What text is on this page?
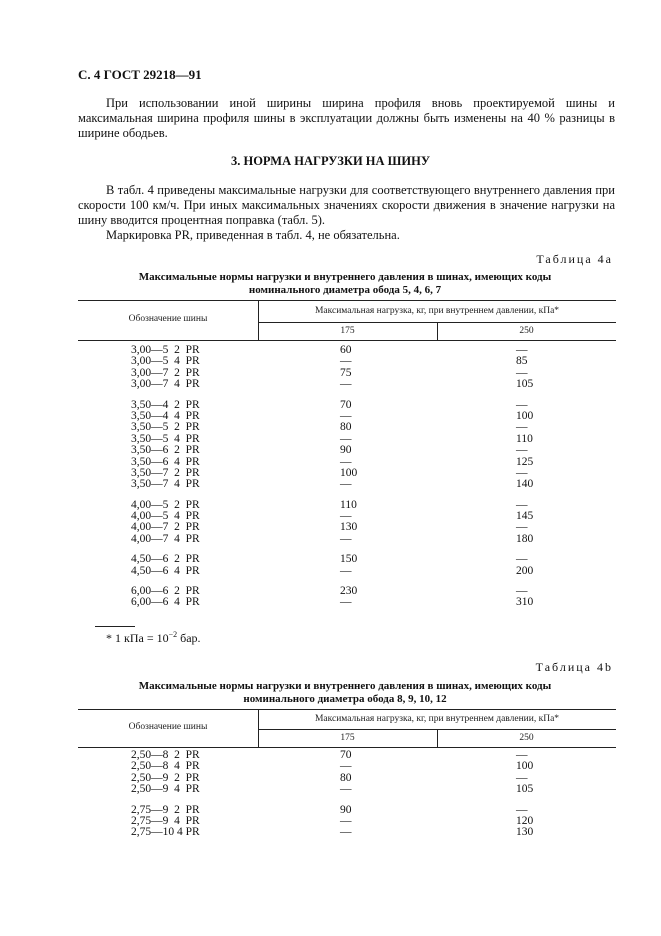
С. 4 ГОСТ 29218—91
При использовании иной ширины ширина профиля вновь проектируемой шины и максимальная ширина профиля шины в эксплуатации должны быть изменены на 40 % разницы в ширине ободьев.
3. НОРМА НАГРУЗКИ НА ШИНУ
В табл. 4 приведены максимальные нагрузки для соответствующего внутреннего давления при скорости 100 км/ч. При иных максимальных значениях скорости движения в значение нагрузки на шину вводится процентная поправка (табл. 5).
Маркировка PR, приведенная в табл. 4, не обязательна.
Таблица 4a
Максимальные нормы нагрузки и внутреннего давления в шинах, имеющих коды номинального диаметра обода 5, 4, 6, 7
Обозначение шины
Максимальная нагрузка, кг, при внутреннем давлении, кПа*
175	250
3,00—5  2  PR	60	—
3,00—5  4  PR	—	85
3,00—7  2  PR	75	—
3,00—7  4  PR	—	105
3,50—4  2  PR	70	—
3,50—4  4  PR	—	100
3,50—5  2  PR	80	—
3,50—5  4  PR	—	110
3,50—6  2  PR	90	—
3,50—6  4  PR	—	125
3,50—7  2  PR	100	—
3,50—7  4  PR	—	140
4,00—5  2  PR	110	—
4,00—5  4  PR	—	145
4,00—7  2  PR	130	—
4,00—7  4  PR	—	180
4,50—6  2  PR	150	—
4,50—6  4  PR	—	200
6,00—6  2  PR	230	—
6,00—6  4  PR	—	310
* 1 кПа = $10^{-2}$ бар.
Таблица 4b
Максимальные нормы нагрузки и внутреннего давления в шинах, имеющих коды номинального диаметра обода 8, 9, 10, 12
Обозначение шины
Максимальная нагрузка, кг, при внутреннем давлении, кПа*
175	250
2,50—8  2  PR	70	—
2,50—8  4  PR	—	100
2,50—9  2  PR	80	—
2,50—9  4  PR	—	105
2,75—9  2  PR	90	—
2,75—9  4  PR	—	120
2,75—10 4 PR	—	130
